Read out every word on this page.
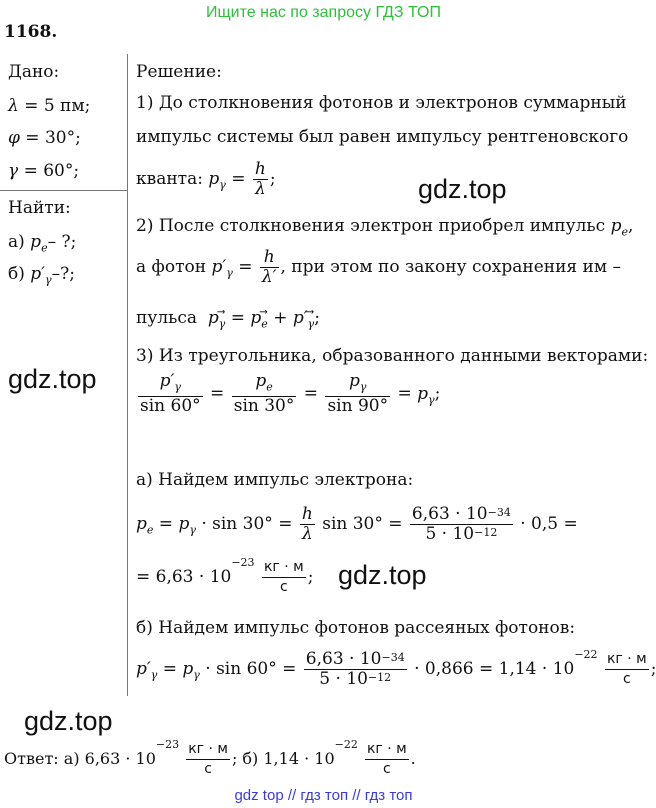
Ищите нас по запросу ГДЗ ТОП
1168.
Дано:
λ = 5 пм;
φ = 30°;
γ = 60°;
Найти:
а) $p_e-$ ?;
б) $p'_\gamma-$?;
Решение:
1) До столкновения фотонов и электронов суммарный
импульс системы был равен импульсу рентгеновского
кванта: $p_\gamma = \frac{h}{\lambda}$ ;
2) После столкновения электрон приобрел импульс $p_e$,
а фотон $p'_\gamma = \frac{h}{\lambda'}$ , при этом по закону сохранения им –
пульса $p_\gamma⃗$ = $p_e⃗$ + $p'_\gamma⃗$;
3) Из треугольника, образованного данными векторами:
$\frac{p'_\gamma}{\sin 60^\circ} = \frac{p_e}{\sin 30^\circ} = \frac{p_\gamma}{\sin 90^\circ} = p_\gamma$;
а) Найдем импульс электрона:
$p_e = p_\gamma \cdot \sin 30^\circ = \frac{h}{\lambda}$ $\sin 30^\circ = \frac{6,63 \cdot 10^{-34}}{5 \cdot 10^{-12}} \cdot 0,5$ =
= $6,63 \cdot 10^{-23} \frac{кг \cdot м}{с}$ ;
б) Найдем импульс фотонов рассеяных фотонов:
$p'_\gamma = p_\gamma \cdot \sin 60^\circ = \frac{6,63 \cdot 10^{-34}}{5 \cdot 10^{-12}} \cdot 0,866 = 1,14 \cdot 10^{-22} \frac{кг \cdot м}{с}$ ;
Ответ: а) $6,63 \cdot 10^{-23} \frac{кг \cdot м}{с}$ ; б) $1,14 \cdot 10^{-22} \frac{кг \cdot м}{с}$ .
gdz.top
gdz.top
gdz.top
gdz.top
gdz top // гдз топ // гдз топ
